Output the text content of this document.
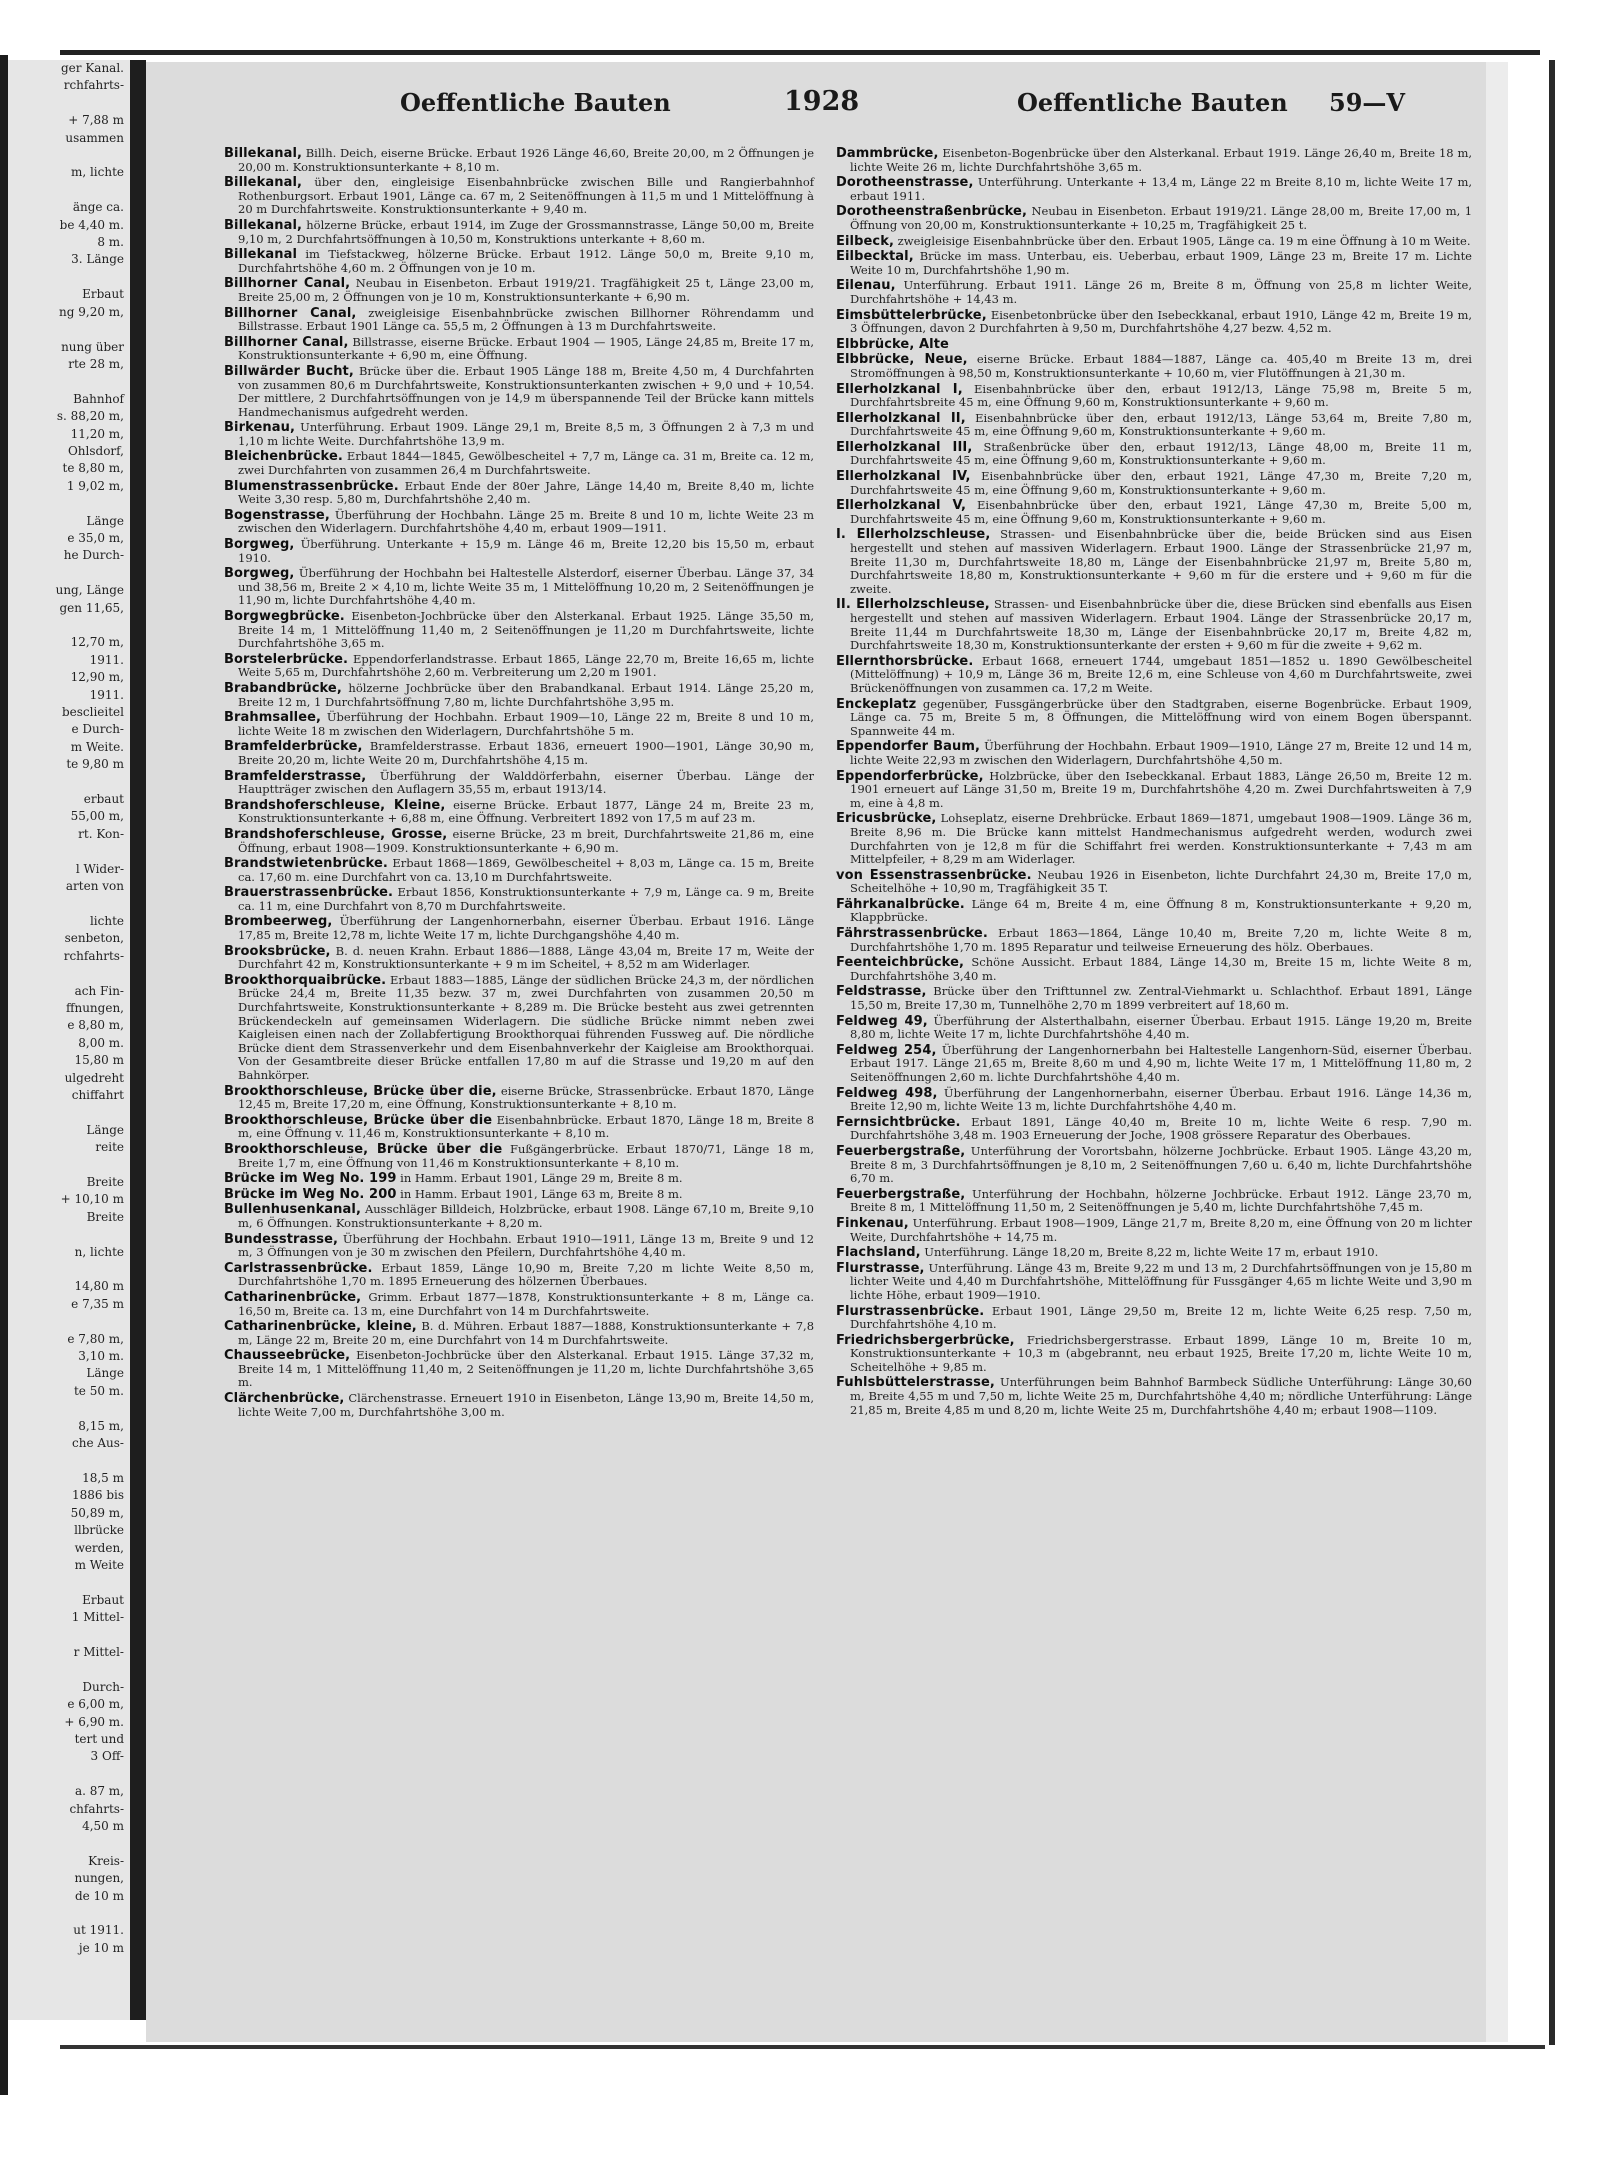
ger Kanal.
rchfahrts-

+ 7,88 m
usammen

m, lichte

änge ca.
be 4,40 m.
8 m.
3. Länge

Erbaut
ng 9,20 m,

nung über
rte 28 m,

Bahnhof
s. 88,20 m,
11,20 m,
Ohlsdorf,
te 8,80 m,
1 9,02 m,

Länge
e 35,0 m,
he Durch-

ung, Länge
gen 11,65,

12,70 m,
1911.
12,90 m,
1911.
besclieitel
e Durch-
m Weite.
te 9,80 m

erbaut
55,00 m,
rt. Kon-

l Wider-
arten von

lichte
senbeton,
rchfahrts-

ach Fin-
ffnungen,
e 8,80 m,
8,00 m.
15,80 m
ulgedreht
chiffahrt

Länge
reite

Breite
+ 10,10 m
Breite

n, lichte

14,80 m
e 7,35 m

e 7,80 m,
3,10 m.
Länge
te 50 m.

8,15 m,
che Aus-

18,5 m
1886 bis
50,89 m,
llbrücke
werden,
m Weite

Erbaut
1 Mittel-

r Mittel-

Durch-
e 6,00 m,
+ 6,90 m.
tert und
3 Off-

a. 87 m,
chfahrts-
4,50 m

Kreis-
nungen,
de 10 m

ut 1911.
je 10 m
Oeffentliche Bauten	1928	Oeffentliche Bauten 59—V

Billekanal, Billh. Deich, eiserne Brücke. Erbaut 1926 Länge 46,60, Breite 20,00, m 2 Öffnungen je 20,00 m. Konstruktionsunterkante + 8,10 m.

Billekanal, über den, eingleisige Eisenbahnbrücke zwischen Bille und Rangierbahnhof Rothenburgsort. Erbaut 1901, Länge ca. 67 m, 2 Seitenöffnungen à 11,5 m und 1 Mittelöffnung à 20 m Durchfahrtsweite. Konstruktionsunterkante + 9,40 m.

Billekanal, hölzerne Brücke, erbaut 1914, im Zuge der Grossmannstrasse, Länge 50,00 m, Breite 9,10 m, 2 Durchfahrtsöffnungen à 10,50 m, Konstruktions unterkante + 8,60 m.

Billekanal im Tiefstackweg, hölzerne Brücke. Erbaut 1912. Länge 50,0 m, Breite 9,10 m, Durchfahrtshöhe 4,60 m. 2 Öffnungen von je 10 m.

Billhorner Canal, Neubau in Eisenbeton. Erbaut 1919/21. Tragfähigkeit 25 t, Länge 23,00 m, Breite 25,00 m, 2 Öffnungen von je 10 m, Konstruktionsunterkante + 6,90 m.

Billhorner Canal, zweigleisige Eisenbahnbrücke zwischen Billhorner Röhrendamm und Billstrasse. Erbaut 1901 Länge ca. 55,5 m, 2 Öffnungen à 13 m Durchfahrtsweite.

Billhorner Canal, Billstrasse, eiserne Brücke. Erbaut 1904 — 1905, Länge 24,85 m, Breite 17 m, Konstruktionsunterkante + 6,90 m, eine Öffnung.

Billwärder Bucht, Brücke über die. Erbaut 1905 Länge 188 m, Breite 4,50 m, 4 Durchfahrten von zusammen 80,6 m Durchfahrtsweite, Konstruktionsunterkanten zwischen + 9,0 und + 10,54. Der mittlere, 2 Durchfahrtsöffnungen von je 14,9 m überspannende Teil der Brücke kann mittels Handmechanismus aufgedreht werden.

Birkenau, Unterführung. Erbaut 1909. Länge 29,1 m, Breite 8,5 m, 3 Öffnungen 2 à 7,3 m und 1,10 m lichte Weite. Durchfahrtshöhe 13,9 m.

Bleichenbrücke. Erbaut 1844—1845, Gewölbescheitel + 7,7 m, Länge ca. 31 m, Breite ca. 12 m, zwei Durchfahrten von zusammen 26,4 m Durchfahrtsweite.

Blumenstrassenbrücke. Erbaut Ende der 80er Jahre, Länge 14,40 m, Breite 8,40 m, lichte Weite 3,30 resp. 5,80 m, Durchfahrtshöhe 2,40 m.

Bogenstrasse, Überführung der Hochbahn. Länge 25 m. Breite 8 und 10 m, lichte Weite 23 m zwischen den Widerlagern. Durchfahrtshöhe 4,40 m, erbaut 1909—1911.

Borgweg, Überführung. Unterkante + 15,9 m. Länge 46 m, Breite 12,20 bis 15,50 m, erbaut 1910.

Borgweg, Überführung der Hochbahn bei Haltestelle Alsterdorf, eiserner Überbau. Länge 37, 34 und 38,56 m, Breite 2 × 4,10 m, lichte Weite 35 m, 1 Mittelöffnung 10,20 m, 2 Seitenöffnungen je 11,90 m, lichte Durchfahrtshöhe 4,40 m.

Borgwegbrücke. Eisenbeton-Jochbrücke über den Alsterkanal. Erbaut 1925. Länge 35,50 m, Breite 14 m, 1 Mittelöffnung 11,40 m, 2 Seitenöffnungen je 11,20 m Durchfahrtsweite, lichte Durchfahrtshöhe 3,65 m.

Borstelerbrücke. Eppendorferlandstrasse. Erbaut 1865, Länge 22,70 m, Breite 16,65 m, lichte Weite 5,65 m, Durchfahrtshöhe 2,60 m. Verbreiterung um 2,20 m 1901.

Brabandbrücke, hölzerne Jochbrücke über den Brabandkanal. Erbaut 1914. Länge 25,20 m, Breite 12 m, 1 Durchfahrtsöffnung 7,80 m, lichte Durchfahrtshöhe 3,95 m.

Brahmsallee, Überführung der Hochbahn. Erbaut 1909—10, Länge 22 m, Breite 8 und 10 m, lichte Weite 18 m zwischen den Widerlagern, Durchfahrtshöhe 5 m.

Bramfelderbrücke, Bramfelderstrasse. Erbaut 1836, erneuert 1900—1901, Länge 30,90 m, Breite 20,20 m, lichte Weite 20 m, Durchfahrtshöhe 4,15 m.

Bramfelderstrasse, Überführung der Walddörferbahn, eiserner Überbau. Länge der Hauptträger zwischen den Auflagern 35,55 m, erbaut 1913/14.

Brandshoferschleuse, Kleine, eiserne Brücke. Erbaut 1877, Länge 24 m, Breite 23 m, Konstruktionsunterkante + 6,88 m, eine Öffnung. Verbreitert 1892 von 17,5 m auf 23 m.

Brandshoferschleuse, Grosse, eiserne Brücke, 23 m breit, Durchfahrtsweite 21,86 m, eine Öffnung, erbaut 1908—1909. Konstruktionsunterkante + 6,90 m.

Brandstwietenbrücke. Erbaut 1868—1869, Gewölbescheitel + 8,03 m, Länge ca. 15 m, Breite ca. 17,60 m. eine Durchfahrt von ca. 13,10 m Durchfahrtsweite.

Brauerstrassenbrücke. Erbaut 1856, Konstruktionsunterkante + 7,9 m, Länge ca. 9 m, Breite ca. 11 m, eine Durchfahrt von 8,70 m Durchfahrtsweite.

Brombeerweg, Überführung der Langenhornerbahn, eiserner Überbau. Erbaut 1916. Länge 17,85 m, Breite 12,78 m, lichte Weite 17 m, lichte Durchgangshöhe 4,40 m.

Brooksbrücke, B. d. neuen Krahn. Erbaut 1886—1888, Länge 43,04 m, Breite 17 m, Weite der Durchfahrt 42 m, Konstruktionsunterkante + 9 m im Scheitel, + 8,52 m am Widerlager.

Brookthorquaibrücke. Erbaut 1883—1885, Länge der südlichen Brücke 24,3 m, der nördlichen Brücke 24,4 m, Breite 11,35 bezw. 37 m, zwei Durchfahrten von zusammen 20,50 m Durchfahrtsweite, Konstruktionsunterkante + 8,289 m. Die Brücke besteht aus zwei getrennten Brückendeckeln auf gemeinsamen Widerlagern. Die südliche Brücke nimmt neben zwei Kaigleisen einen nach der Zollabfertigung Brookthorquai führenden Fussweg auf. Die nördliche Brücke dient dem Strassenverkehr und dem Eisenbahnverkehr der Kaigleise am Brookthorquai. Von der Gesamtbreite dieser Brücke entfallen 17,80 m auf die Strasse und 19,20 m auf den Bahnkörper.

Brookthorschleuse, Brücke über die, eiserne Brücke, Strassenbrücke. Erbaut 1870, Länge 12,45 m, Breite 17,20 m, eine Öffnung, Konstruktionsunterkante + 8,10 m.

Brookthorschleuse, Brücke über die Eisenbahnbrücke. Erbaut 1870, Länge 18 m, Breite 8 m, eine Öffnung v. 11,46 m, Konstruktionsunterkante + 8,10 m.

Brookthorschleuse, Brücke über die Fußgängerbrücke. Erbaut 1870/71, Länge 18 m, Breite 1,7 m, eine Öffnung von 11,46 m Konstruktionsunterkante + 8,10 m.

Brücke im Weg No. 199 in Hamm. Erbaut 1901, Länge 29 m, Breite 8 m.

Brücke im Weg No. 200 in Hamm. Erbaut 1901, Länge 63 m, Breite 8 m.

Bullenhusenkanal, Ausschläger Billdeich, Holzbrücke, erbaut 1908. Länge 67,10 m, Breite 9,10 m, 6 Öffnungen. Konstruktionsunterkante + 8,20 m.

Bundesstrasse, Überführung der Hochbahn. Erbaut 1910—1911, Länge 13 m, Breite 9 und 12 m, 3 Öffnungen von je 30 m zwischen den Pfeilern, Durchfahrtshöhe 4,40 m.

Carlstrassenbrücke. Erbaut 1859, Länge 10,90 m, Breite 7,20 m lichte Weite 8,50 m, Durchfahrtshöhe 1,70 m. 1895 Erneuerung des hölzernen Überbaues.

Catharinenbrücke, Grimm. Erbaut 1877—1878, Konstruktionsunterkante + 8 m, Länge ca. 16,50 m, Breite ca. 13 m, eine Durchfahrt von 14 m Durchfahrtsweite.

Catharinenbrücke, kleine, B. d. Mühren. Erbaut 1887—1888, Konstruktionsunterkante + 7,8 m, Länge 22 m, Breite 20 m, eine Durchfahrt von 14 m Durchfahrtsweite.

Chausseebrücke, Eisenbeton-Jochbrücke über den Alsterkanal. Erbaut 1915. Länge 37,32 m, Breite 14 m, 1 Mittelöffnung 11,40 m, 2 Seitenöffnungen je 11,20 m, lichte Durchfahrtshöhe 3,65 m.

Clärchenbrücke, Clärchenstrasse. Erneuert 1910 in Eisenbeton, Länge 13,90 m, Breite 14,50 m, lichte Weite 7,00 m, Durchfahrtshöhe 3,00 m.

Dammbrücke, Eisenbeton-Bogenbrücke über den Alsterkanal. Erbaut 1919. Länge 26,40 m, Breite 18 m, lichte Weite 26 m, lichte Durchfahrtshöhe 3,65 m.

Dorotheenstrasse, Unterführung. Unterkante + 13,4 m, Länge 22 m Breite 8,10 m, lichte Weite 17 m, erbaut 1911.

Dorotheenstraßenbrücke, Neubau in Eisenbeton. Erbaut 1919/21. Länge 28,00 m, Breite 17,00 m, 1 Öffnung von 20,00 m, Konstruktionsunterkante + 10,25 m, Tragfähigkeit 25 t.

Eilbeck, zweigleisige Eisenbahnbrücke über den. Erbaut 1905, Länge ca. 19 m eine Öffnung à 10 m Weite.

Eilbecktal, Brücke im mass. Unterbau, eis. Ueberbau, erbaut 1909, Länge 23 m, Breite 17 m. Lichte Weite 10 m, Durchfahrtshöhe 1,90 m.

Eilenau, Unterführung. Erbaut 1911. Länge 26 m, Breite 8 m, Öffnung von 25,8 m lichter Weite, Durchfahrtshöhe + 14,43 m.

Eimsbüttelerbrücke, Eisenbetonbrücke über den Isebeckkanal, erbaut 1910, Länge 42 m, Breite 19 m, 3 Öffnungen, davon 2 Durchfahrten à 9,50 m, Durchfahrtshöhe 4,27 bezw. 4,52 m.

Elbbrücke, Alte

Elbbrücke, Neue, eiserne Brücke. Erbaut 1884—1887, Länge ca. 405,40 m Breite 13 m, drei Stromöffnungen à 98,50 m, Konstruktionsunterkante + 10,60 m, vier Flutöffnungen à 21,30 m.

Ellerholzkanal I, Eisenbahnbrücke über den, erbaut 1912/13, Länge 75,98 m, Breite 5 m, Durchfahrtsbreite 45 m, eine Öffnung 9,60 m, Konstruktionsunterkante + 9,60 m.

Ellerholzkanal II, Eisenbahnbrücke über den, erbaut 1912/13, Länge 53,64 m, Breite 7,80 m, Durchfahrtsweite 45 m, eine Öffnung 9,60 m, Konstruktionsunterkante + 9,60 m.

Ellerholzkanal III, Straßenbrücke über den, erbaut 1912/13, Länge 48,00 m, Breite 11 m, Durchfahrtsweite 45 m, eine Öffnung 9,60 m, Konstruktionsunterkante + 9,60 m.

Ellerholzkanal IV, Eisenbahnbrücke über den, erbaut 1921, Länge 47,30 m, Breite 7,20 m, Durchfahrtsweite 45 m, eine Öffnung 9,60 m, Konstruktionsunterkante + 9,60 m.

Ellerholzkanal V, Eisenbahnbrücke über den, erbaut 1921, Länge 47,30 m, Breite 5,00 m, Durchfahrtsweite 45 m, eine Öffnung 9,60 m, Konstruktionsunterkante + 9,60 m.

I. Ellerholzschleuse, Strassen- und Eisenbahnbrücke über die, beide Brücken sind aus Eisen hergestellt und stehen auf massiven Widerlagern. Erbaut 1900. Länge der Strassenbrücke 21,97 m, Breite 11,30 m, Durchfahrtsweite 18,80 m, Länge der Eisenbahnbrücke 21,97 m, Breite 5,80 m, Durchfahrtsweite 18,80 m, Konstruktionsunterkante + 9,60 m für die erstere und + 9,60 m für die zweite.

II. Ellerholzschleuse, Strassen- und Eisenbahnbrücke über die, diese Brücken sind ebenfalls aus Eisen hergestellt und stehen auf massiven Widerlagern. Erbaut 1904. Länge der Strassenbrücke 20,17 m, Breite 11,44 m Durchfahrtsweite 18,30 m, Länge der Eisenbahnbrücke 20,17 m, Breite 4,82 m, Durchfahrtsweite 18,30 m, Konstruktionsunterkante der ersten + 9,60 m für die zweite + 9,62 m.

Ellernthorsbrücke. Erbaut 1668, erneuert 1744, umgebaut 1851—1852 u. 1890 Gewölbescheitel (Mittelöffnung) + 10,9 m, Länge 36 m, Breite 12,6 m, eine Schleuse von 4,60 m Durchfahrtsweite, zwei Brückenöffnungen von zusammen ca. 17,2 m Weite.

Enckeplatz gegenüber, Fussgängerbrücke über den Stadtgraben, eiserne Bogenbrücke. Erbaut 1909, Länge ca. 75 m, Breite 5 m, 8 Öffnungen, die Mittelöffnung wird von einem Bogen überspannt. Spannweite 44 m.

Eppendorfer Baum, Überführung der Hochbahn. Erbaut 1909—1910, Länge 27 m, Breite 12 und 14 m, lichte Weite 22,93 m zwischen den Widerlagern, Durchfahrtshöhe 4,50 m.

Eppendorferbrücke, Holzbrücke, über den Isebeckkanal. Erbaut 1883, Länge 26,50 m, Breite 12 m. 1901 erneuert auf Länge 31,50 m, Breite 19 m, Durchfahrtshöhe 4,20 m. Zwei Durchfahrtsweiten à 7,9 m, eine à 4,8 m.

Ericusbrücke, Lohseplatz, eiserne Drehbrücke. Erbaut 1869—1871, umgebaut 1908—1909. Länge 36 m, Breite 8,96 m. Die Brücke kann mittelst Handmechanismus aufgedreht werden, wodurch zwei Durchfahrten von je 12,8 m für die Schiffahrt frei werden. Konstruktionsunterkante + 7,43 m am Mittelpfeiler, + 8,29 m am Widerlager.

von Essenstrassenbrücke. Neubau 1926 in Eisenbeton, lichte Durchfahrt 24,30 m, Breite 17,0 m, Scheitelhöhe + 10,90 m, Tragfähigkeit 35 T.

Fährkanalbrücke. Länge 64 m, Breite 4 m, eine Öffnung 8 m, Konstruktionsunterkante + 9,20 m, Klappbrücke.

Fährstrassenbrücke. Erbaut 1863—1864, Länge 10,40 m, Breite 7,20 m, lichte Weite 8 m, Durchfahrtshöhe 1,70 m. 1895 Reparatur und teilweise Erneuerung des hölz. Oberbaues.

Feenteichbrücke, Schöne Aussicht. Erbaut 1884, Länge 14,30 m, Breite 15 m, lichte Weite 8 m, Durchfahrtshöhe 3,40 m.

Feldstrasse, Brücke über den Trifttunnel zw. Zentral-Viehmarkt u. Schlachthof. Erbaut 1891, Länge 15,50 m, Breite 17,30 m, Tunnelhöhe 2,70 m 1899 verbreitert auf 18,60 m.

Feldweg 49, Überführung der Alsterthalbahn, eiserner Überbau. Erbaut 1915. Länge 19,20 m, Breite 8,80 m, lichte Weite 17 m, lichte Durchfahrtshöhe 4,40 m.

Feldweg 254, Überführung der Langenhornerbahn bei Haltestelle Langenhorn-Süd, eiserner Überbau. Erbaut 1917. Länge 21,65 m, Breite 8,60 m und 4,90 m, lichte Weite 17 m, 1 Mittelöffnung 11,80 m, 2 Seitenöffnungen 2,60 m. lichte Durchfahrtshöhe 4,40 m.

Feldweg 498, Überführung der Langenhornerbahn, eiserner Überbau. Erbaut 1916. Länge 14,36 m, Breite 12,90 m, lichte Weite 13 m, lichte Durchfahrtshöhe 4,40 m.

Fernsichtbrücke. Erbaut 1891, Länge 40,40 m, Breite 10 m, lichte Weite 6 resp. 7,90 m. Durchfahrtshöhe 3,48 m. 1903 Erneuerung der Joche, 1908 grössere Reparatur des Oberbaues.

Feuerbergstraße, Unterführung der Vorortsbahn, hölzerne Jochbrücke. Erbaut 1905. Länge 43,20 m, Breite 8 m, 3 Durchfahrtsöffnungen je 8,10 m, 2 Seitenöffnungen 7,60 u. 6,40 m, lichte Durchfahrtshöhe 6,70 m.

Feuerbergstraße, Unterführung der Hochbahn, hölzerne Jochbrücke. Erbaut 1912. Länge 23,70 m, Breite 8 m, 1 Mittelöffnung 11,50 m, 2 Seitenöffnungen je 5,40 m, lichte Durchfahrtshöhe 7,45 m.

Finkenau, Unterführung. Erbaut 1908—1909, Länge 21,7 m, Breite 8,20 m, eine Öffnung von 20 m lichter Weite, Durchfahrtshöhe + 14,75 m.

Flachsland, Unterführung. Länge 18,20 m, Breite 8,22 m, lichte Weite 17 m, erbaut 1910.

Flurstrasse, Unterführung. Länge 43 m, Breite 9,22 m und 13 m, 2 Durchfahrtsöffnungen von je 15,80 m lichter Weite und 4,40 m Durchfahrtshöhe, Mittelöffnung für Fussgänger 4,65 m lichte Weite und 3,90 m lichte Höhe, erbaut 1909—1910.

Flurstrassenbrücke. Erbaut 1901, Länge 29,50 m, Breite 12 m, lichte Weite 6,25 resp. 7,50 m, Durchfahrtshöhe 4,10 m.

Friedrichsbergerbrücke, Friedrichsbergerstrasse. Erbaut 1899, Länge 10 m, Breite 10 m, Konstruktionsunterkante + 10,3 m (abgebrannt, neu erbaut 1925, Breite 17,20 m, lichte Weite 10 m, Scheitelhöhe + 9,85 m.

Fuhlsbüttelerstrasse, Unterführungen beim Bahnhof Barmbeck Südliche Unterführung: Länge 30,60 m, Breite 4,55 m und 7,50 m, lichte Weite 25 m, Durchfahrtshöhe 4,40 m; nördliche Unterführung: Länge 21,85 m, Breite 4,85 m und 8,20 m, lichte Weite 25 m, Durchfahrtshöhe 4,40 m; erbaut 1908—1109.
